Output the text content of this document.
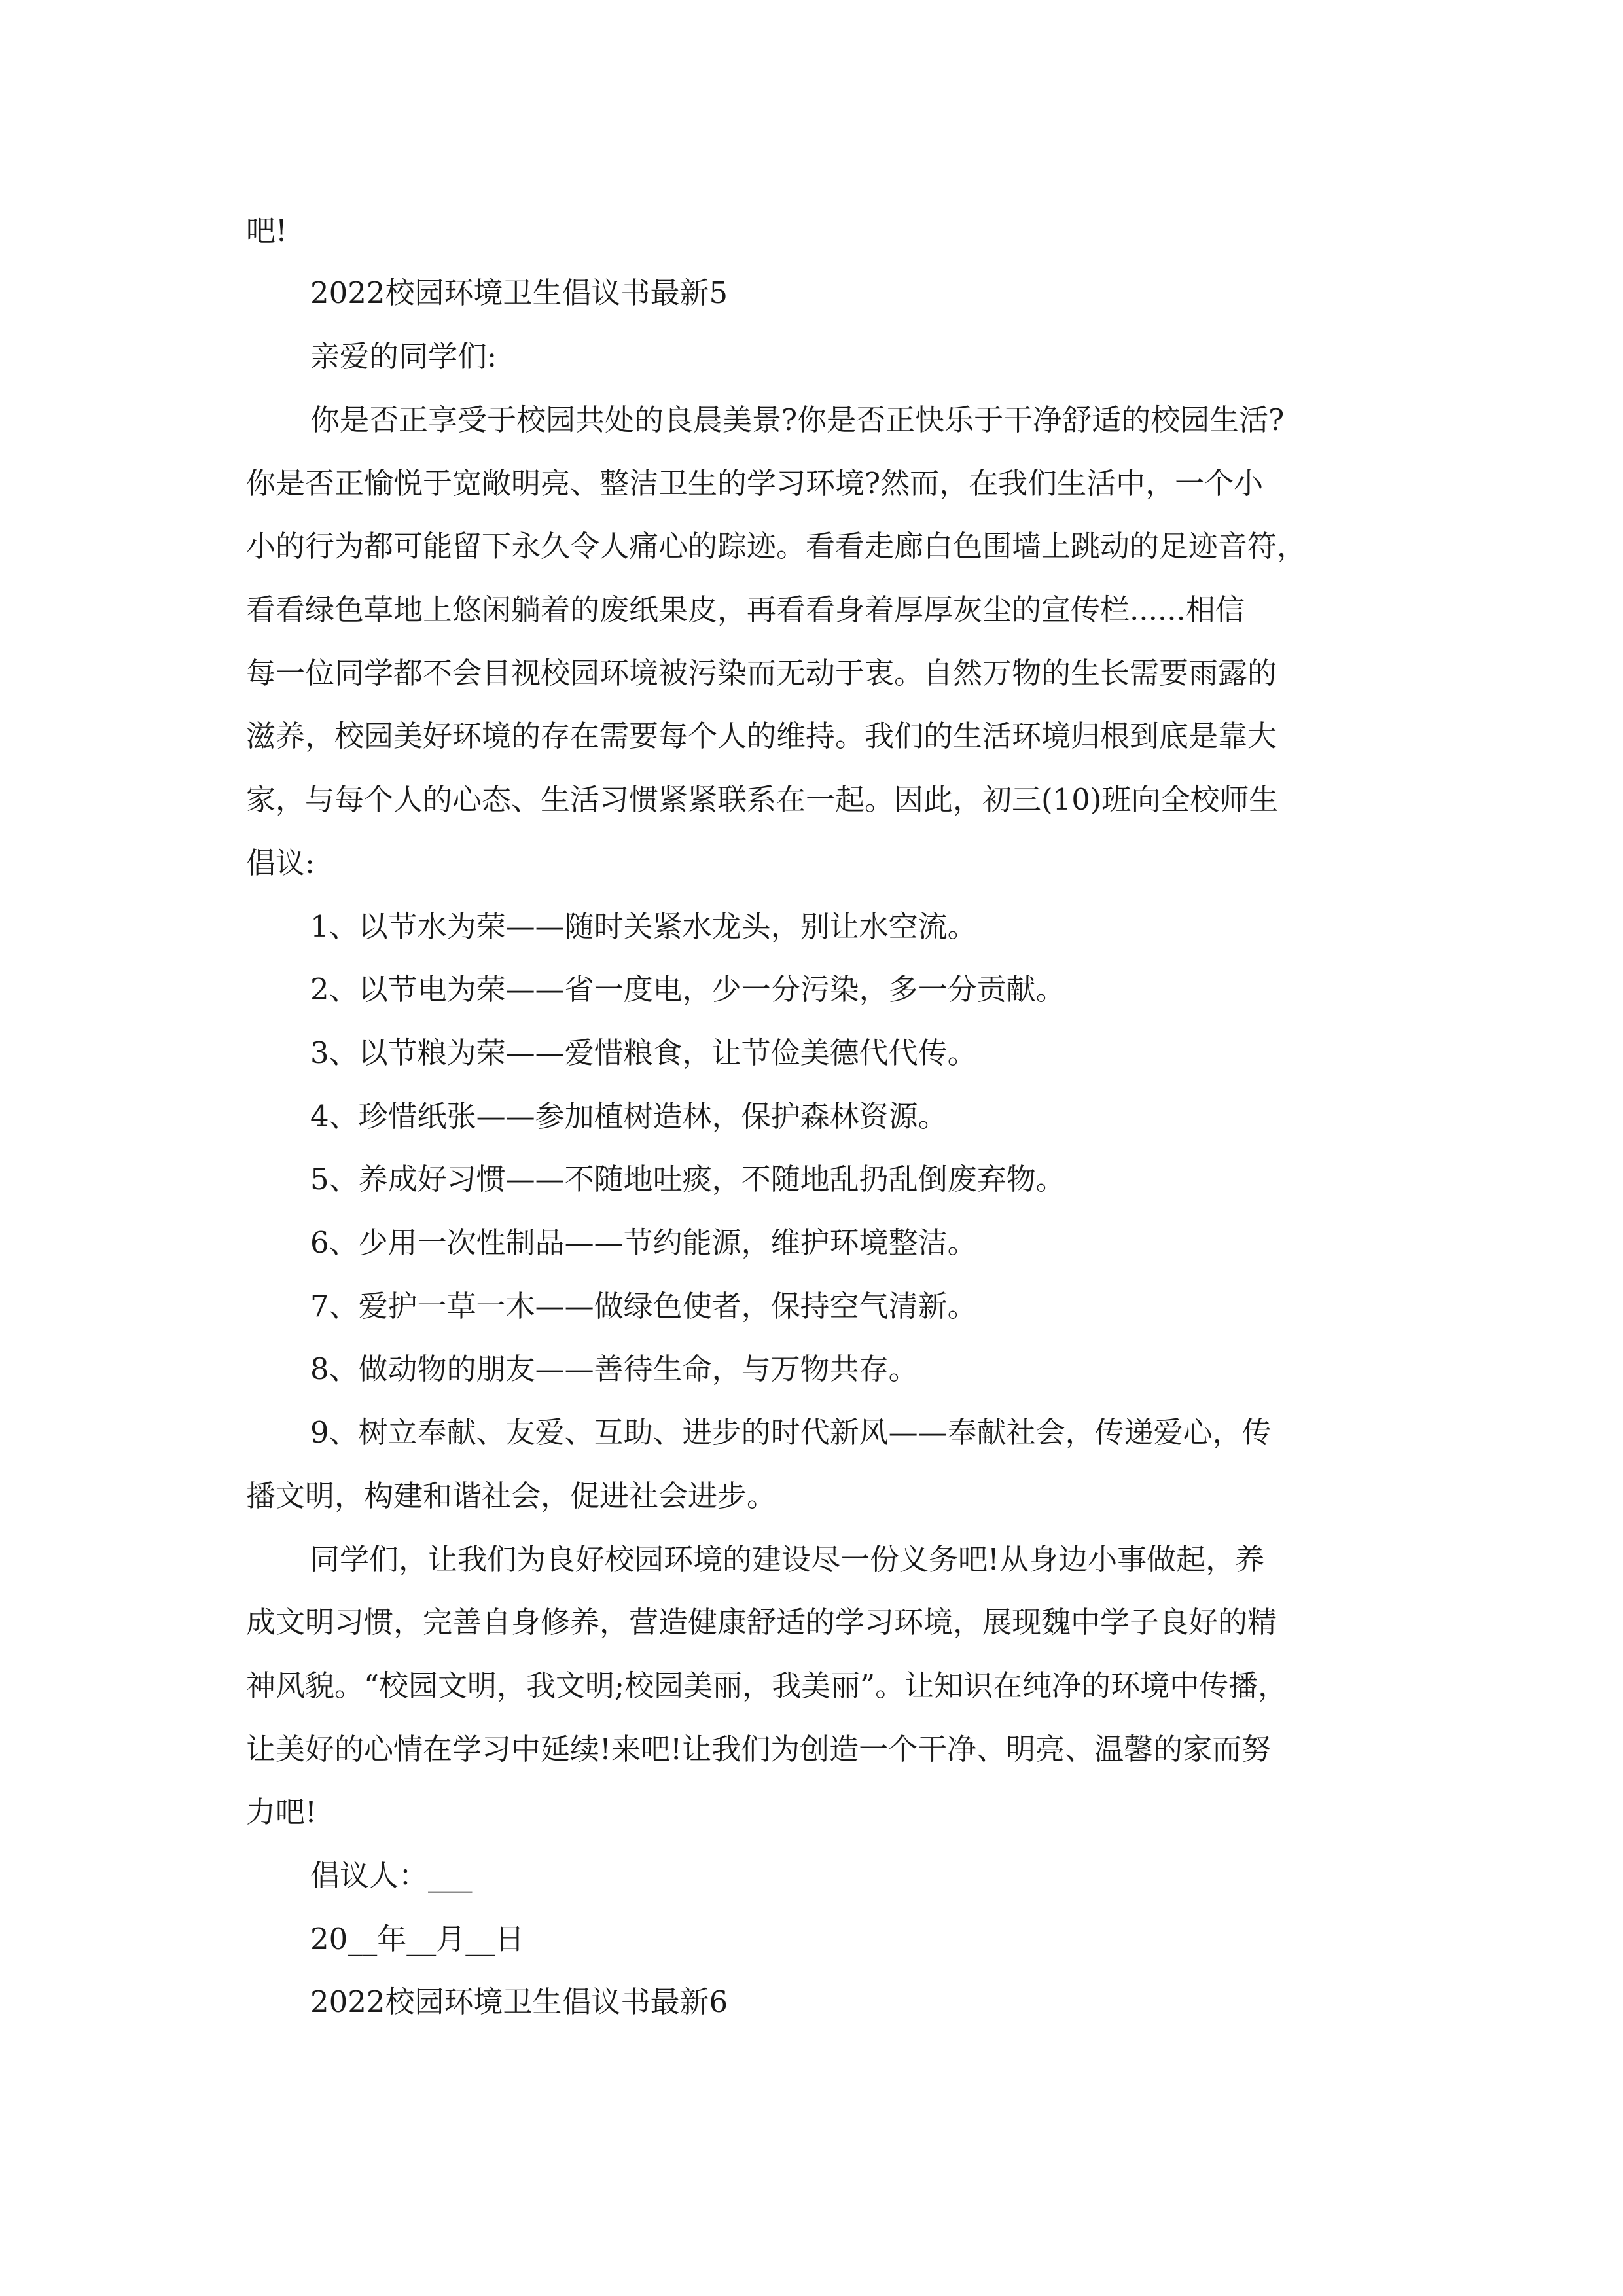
吧!
2022校园环境卫生倡议书最新5
亲爱的同学们:
你是否正享受于校园共处的良晨美景?你是否正快乐于干净舒适的校园生活?
你是否正愉悦于宽敞明亮、整洁卫生的学习环境?然而，在我们生活中，一个小
小的行为都可能留下永久令人痛心的踪迹。看看走廊白色围墙上跳动的足迹音符，
看看绿色草地上悠闲躺着的废纸果皮，再看看身着厚厚灰尘的宣传栏......相信
每一位同学都不会目视校园环境被污染而无动于衷。自然万物的生长需要雨露的
滋养，校园美好环境的存在需要每个人的维持。我们的生活环境归根到底是靠大
家，与每个人的心态、生活习惯紧紧联系在一起。因此，初三(10)班向全校师生
倡议:
1、以节水为荣——随时关紧水龙头，别让水空流。
2、以节电为荣——省一度电，少一分污染，多一分贡献。
3、以节粮为荣——爱惜粮食，让节俭美德代代传。
4、珍惜纸张——参加植树造林，保护森林资源。
5、养成好习惯——不随地吐痰，不随地乱扔乱倒废弃物。
6、少用一次性制品——节约能源，维护环境整洁。
7、爱护一草一木——做绿色使者，保持空气清新。
8、做动物的朋友——善待生命，与万物共存。
9、树立奉献、友爱、互助、进步的时代新风——奉献社会，传递爱心，传
播文明，构建和谐社会，促进社会进步。
同学们，让我们为良好校园环境的建设尽一份义务吧!从身边小事做起，养
成文明习惯，完善自身修养，营造健康舒适的学习环境，展现魏中学子良好的精
神风貌。“校园文明，我文明;校园美丽，我美丽”。让知识在纯净的环境中传播，
让美好的心情在学习中延续!来吧!让我们为创造一个干净、明亮、温馨的家而努
力吧!
倡议人：___
20__年__月__日
2022校园环境卫生倡议书最新6
